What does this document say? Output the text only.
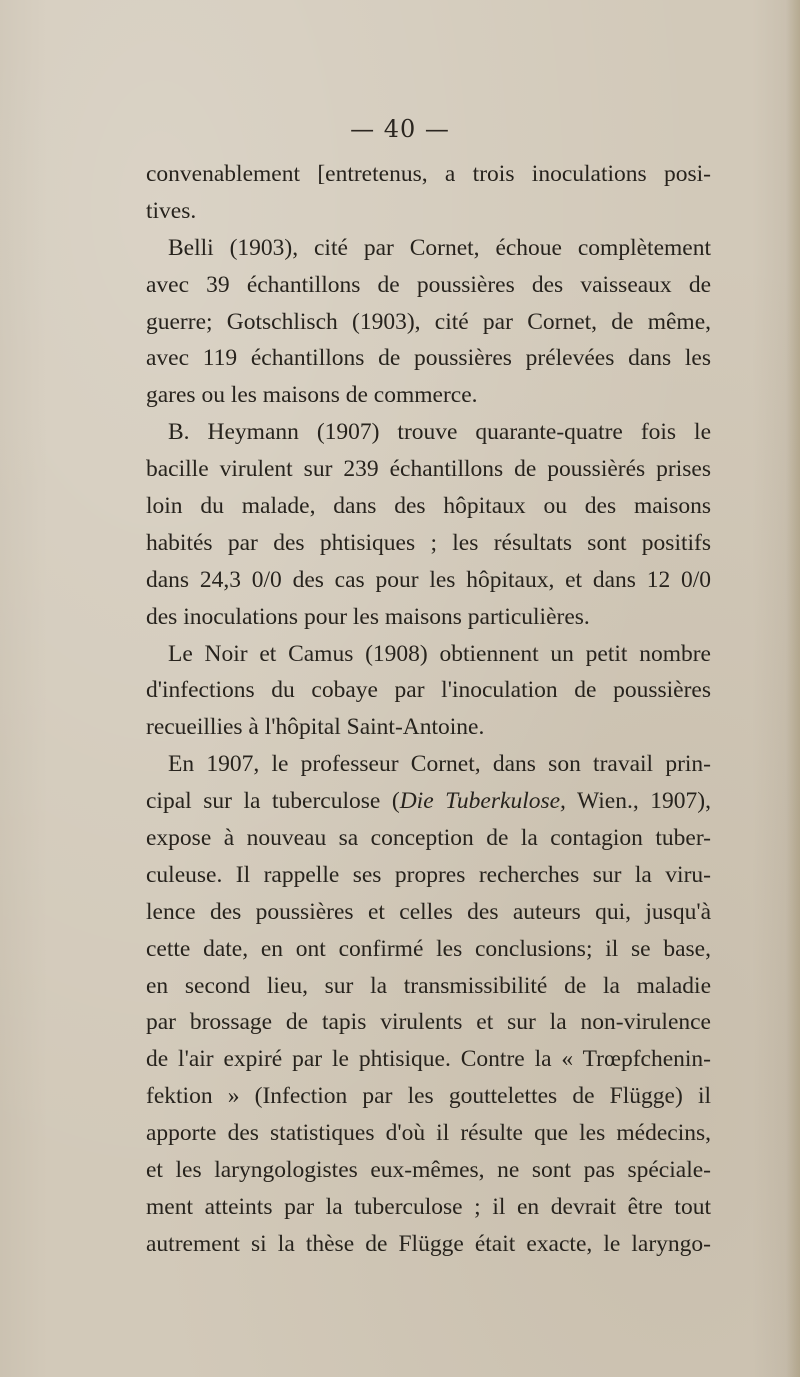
— 40 —
convenablement [entretenus, a trois inoculations posi-
tives.
Belli (1903), cité par Cornet, échoue complètement
avec 39 échantillons de poussières des vaisseaux de
guerre; Gotschlisch (1903), cité par Cornet, de même,
avec 119 échantillons de poussières prélevées dans les
gares ou les maisons de commerce.
B. Heymann (1907) trouve quarante-quatre fois le
bacille virulent sur 239 échantillons de poussièrés prises
loin du malade, dans des hôpitaux ou des maisons
habités par des phtisiques ; les résultats sont positifs
dans 24,3 0/0 des cas pour les hôpitaux, et dans 12 0/0
des inoculations pour les maisons particulières.
Le Noir et Camus (1908) obtiennent un petit nombre
d'infections du cobaye par l'inoculation de poussières
recueillies à l'hôpital Saint-Antoine.
En 1907, le professeur Cornet, dans son travail prin-
cipal sur la tuberculose (Die Tuberkulose, Wien., 1907),
expose à nouveau sa conception de la contagion tuber-
culeuse. Il rappelle ses propres recherches sur la viru-
lence des poussières et celles des auteurs qui, jusqu'à
cette date, en ont confirmé les conclusions; il se base,
en second lieu, sur la transmissibilité de la maladie
par brossage de tapis virulents et sur la non-virulence
de l'air expiré par le phtisique. Contre la « Trœpfchenin-
fektion » (Infection par les gouttelettes de Flügge) il
apporte des statistiques d'où il résulte que les médecins,
et les laryngologistes eux-mêmes, ne sont pas spéciale-
ment atteints par la tuberculose ; il en devrait être tout
autrement si la thèse de Flügge était exacte, le laryngo-
